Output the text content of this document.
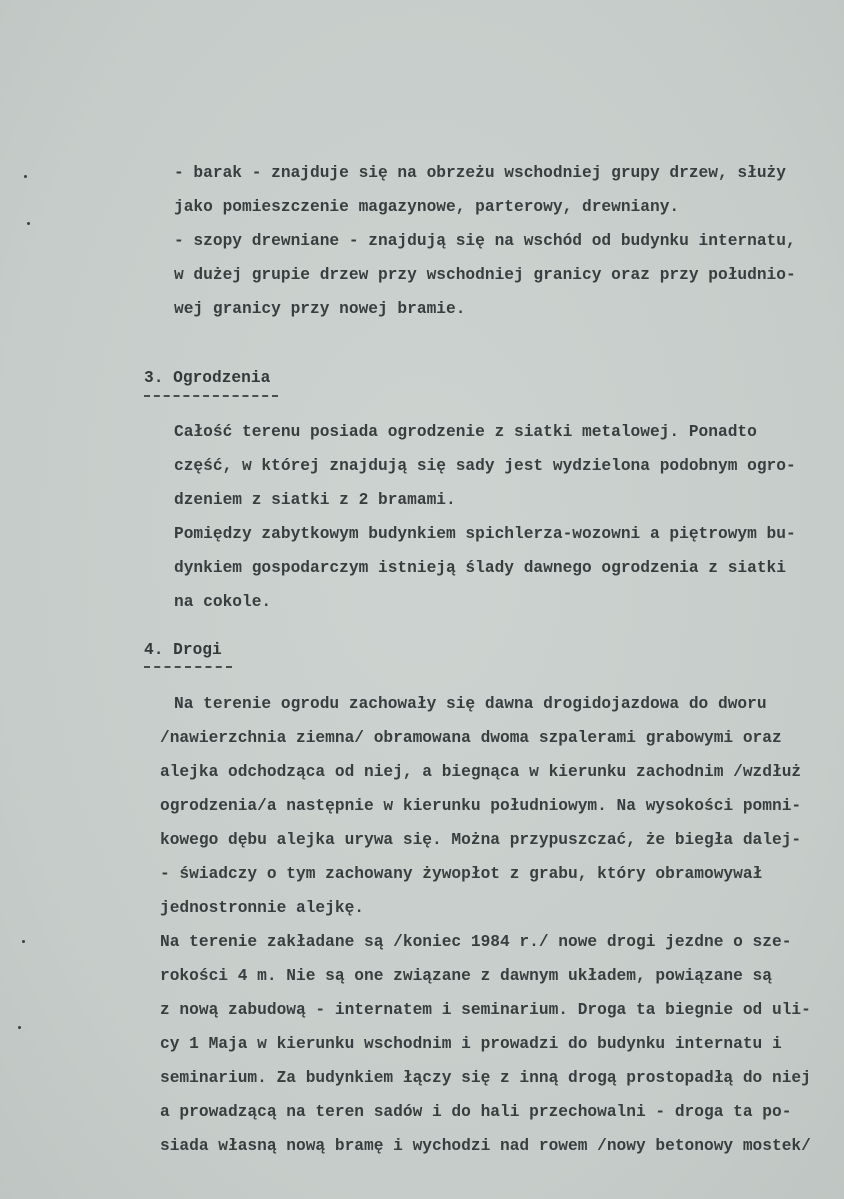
- barak - znajduje się na obrzeżu wschodniej grupy drzew, służy
jako pomieszczenie magazynowe, parterowy, drewniany.
- szopy drewniane - znajdują się na wschód od budynku internatu,
w dużej grupie drzew przy wschodniej granicy oraz przy południo-
wej granicy przy nowej bramie.
3. Ogrodzenia
Całość terenu posiada ogrodzenie z siatki metalowej. Ponadto
część, w której znajdują się sady jest wydzielona podobnym ogro-
dzeniem z siatki z 2 bramami.
Pomiędzy zabytkowym budynkiem spichlerza-wozowni a piętrowym bu-
dynkiem gospodarczym istnieją ślady dawnego ogrodzenia z siatki
na cokole.
4. Drogi
Na terenie ogrodu zachowały się dawna drogidojazdowa do dworu
/nawierzchnia ziemna/ obramowana dwoma szpalerami grabowymi oraz
alejka odchodząca od niej, a biegnąca w kierunku zachodnim /wzdłuż
ogrodzenia/a następnie w kierunku południowym. Na wysokości pomni-
kowego dębu alejka urywa się. Można przypuszczać, że biegła dalej-
- świadczy o tym zachowany żywopłot z grabu, który obramowywał
jednostronnie alejkę.
Na terenie zakładane są /koniec 1984 r./ nowe drogi jezdne o sze-
rokości 4 m. Nie są one związane z dawnym układem, powiązane są
z nową zabudową - internatem i seminarium. Droga ta biegnie od uli-
cy 1 Maja w kierunku wschodnim i prowadzi do budynku internatu i
seminarium. Za budynkiem łączy się z inną drogą prostopadłą do niej
a prowadzącą na teren sadów i do hali przechowalni - droga ta po-
siada własną nową bramę i wychodzi nad rowem /nowy betonowy mostek/
